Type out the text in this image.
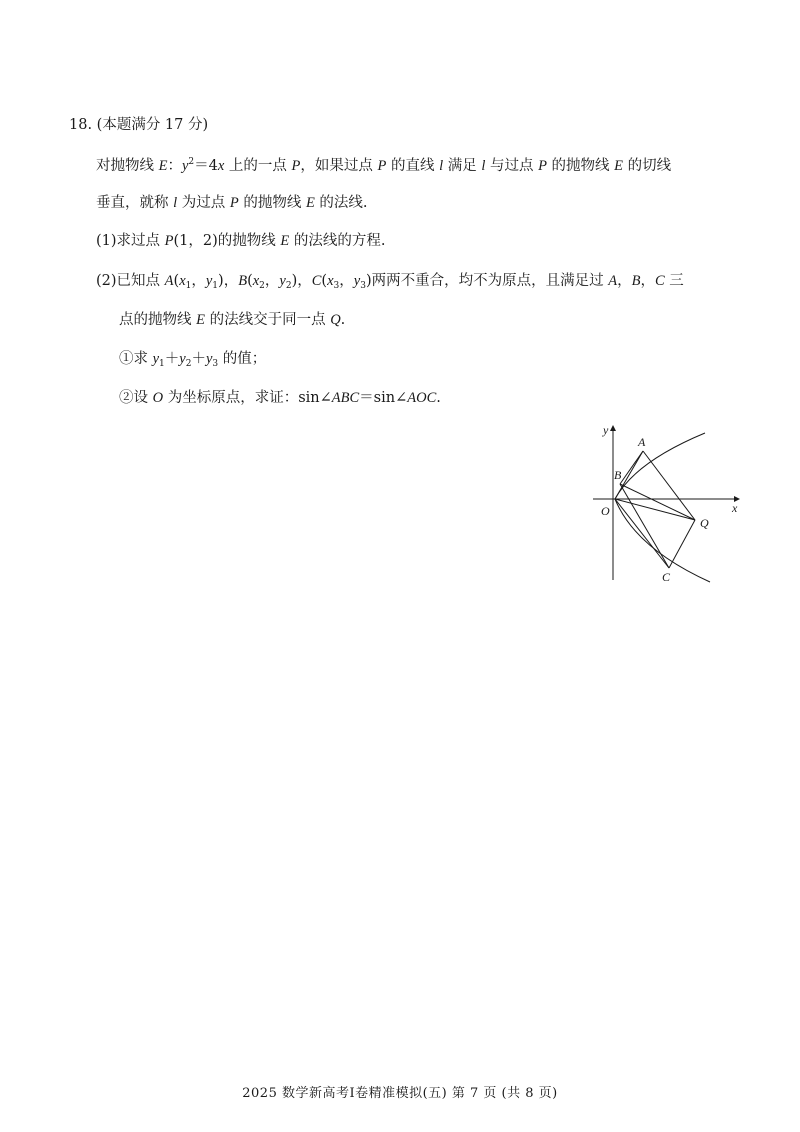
18. (本题满分 17 分)
对抛物线 E：$y^2=4x$ 上的一点 P，如果过点 P 的直线 l 满足 l 与过点 P 的抛物线 E 的切线
垂直，就称 l 为过点 P 的抛物线 E 的法线.
(1)求过点 P(1，2)的抛物线 E 的法线的方程.
(2)已知点 $A(x_1$，$y_1$)，$B(x_2$，$y_2$)，$C(x_3$，$y_3$)两两不重合，均不为原点，且满足过 A，B，C 三
点的抛物线 E 的法线交于同一点 Q.
①求 $y_1+y_2+y_3$ 的值；
②设 O 为坐标原点，求证：sin∠ABC＝sin∠AOC.
y
x
O
A
B
Q
C
2025 数学新高考Ⅰ卷精准模拟(五) 第 7 页 (共 8 页)
